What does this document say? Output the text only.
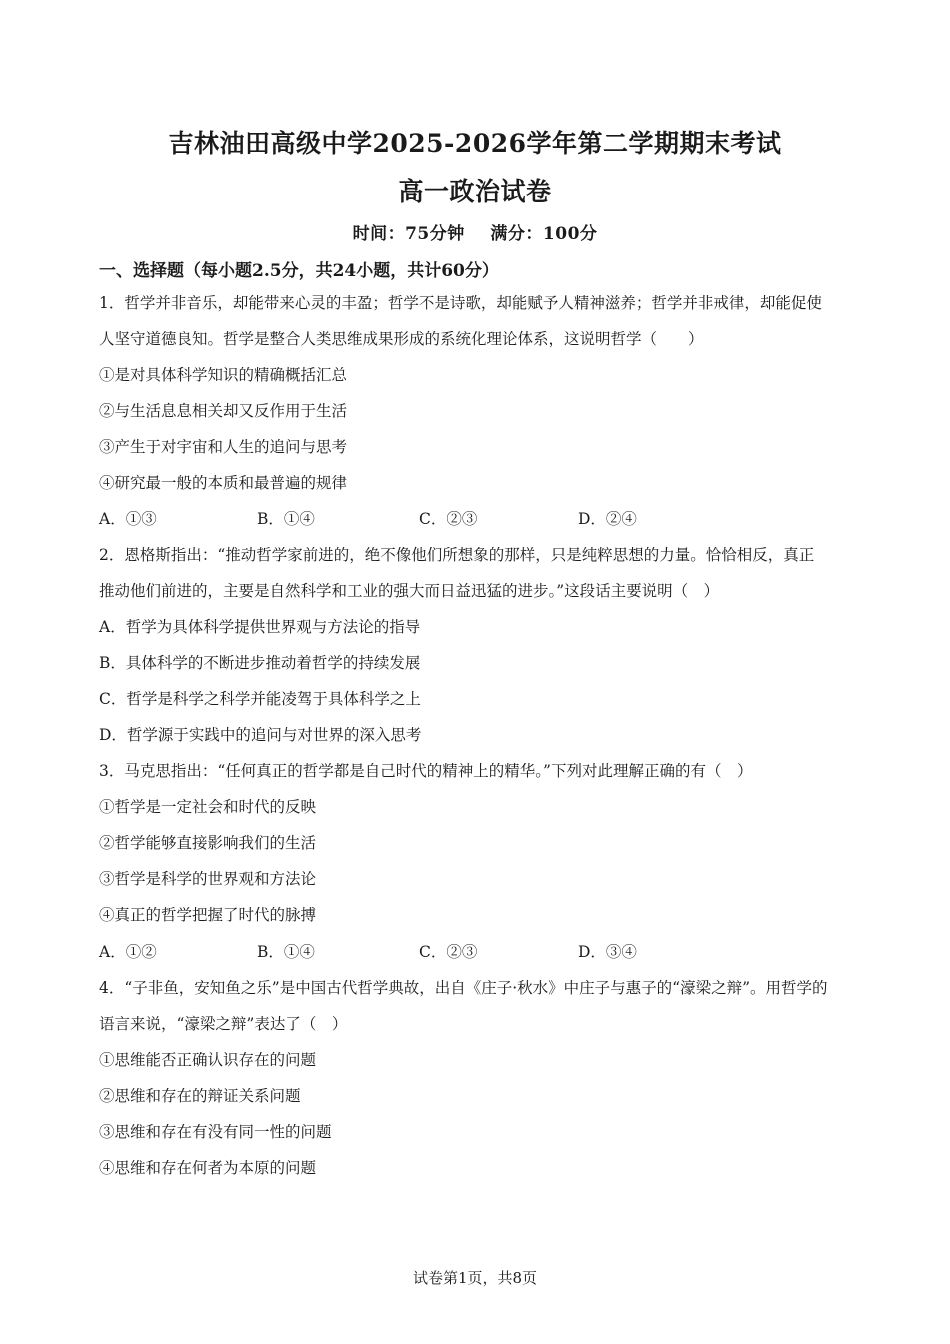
吉林油田高级中学2025-2026学年第二学期期末考试
高一政治试卷
时间：75分钟    满分：100分
一、选择题（每小题2.5分，共24小题，共计60分）
1．哲学并非音乐，却能带来心灵的丰盈；哲学不是诗歌，却能赋予人精神滋养；哲学并非戒律，却能促使
人坚守道德良知。哲学是整合人类思维成果形成的系统化理论体系，这说明哲学（　　）
①是对具体科学知识的精确概括汇总
②与生活息息相关却又反作用于生活
③产生于对宇宙和人生的追问与思考
④研究最一般的本质和最普遍的规律
A．①③	B．①④	C．②③	D．②④
2．恩格斯指出：“推动哲学家前进的，绝不像他们所想象的那样，只是纯粹思想的力量。恰恰相反，真正
推动他们前进的，主要是自然科学和工业的强大而日益迅猛的进步。”这段话主要说明（　）
A．哲学为具体科学提供世界观与方法论的指导
B．具体科学的不断进步推动着哲学的持续发展
C．哲学是科学之科学并能凌驾于具体科学之上
D．哲学源于实践中的追问与对世界的深入思考
3．马克思指出：“任何真正的哲学都是自己时代的精神上的精华。”下列对此理解正确的有（　）
①哲学是一定社会和时代的反映
②哲学能够直接影响我们的生活
③哲学是科学的世界观和方法论
④真正的哲学把握了时代的脉搏
A．①②	B．①④	C．②③	D．③④
4．“子非鱼，安知鱼之乐”是中国古代哲学典故，出自《庄子·秋水》中庄子与惠子的“濠梁之辩”。用哲学的
语言来说，“濠梁之辩”表达了（　）
①思维能否正确认识存在的问题
②思维和存在的辩证关系问题
③思维和存在有没有同一性的问题
④思维和存在何者为本原的问题
试卷第1页，共8页
